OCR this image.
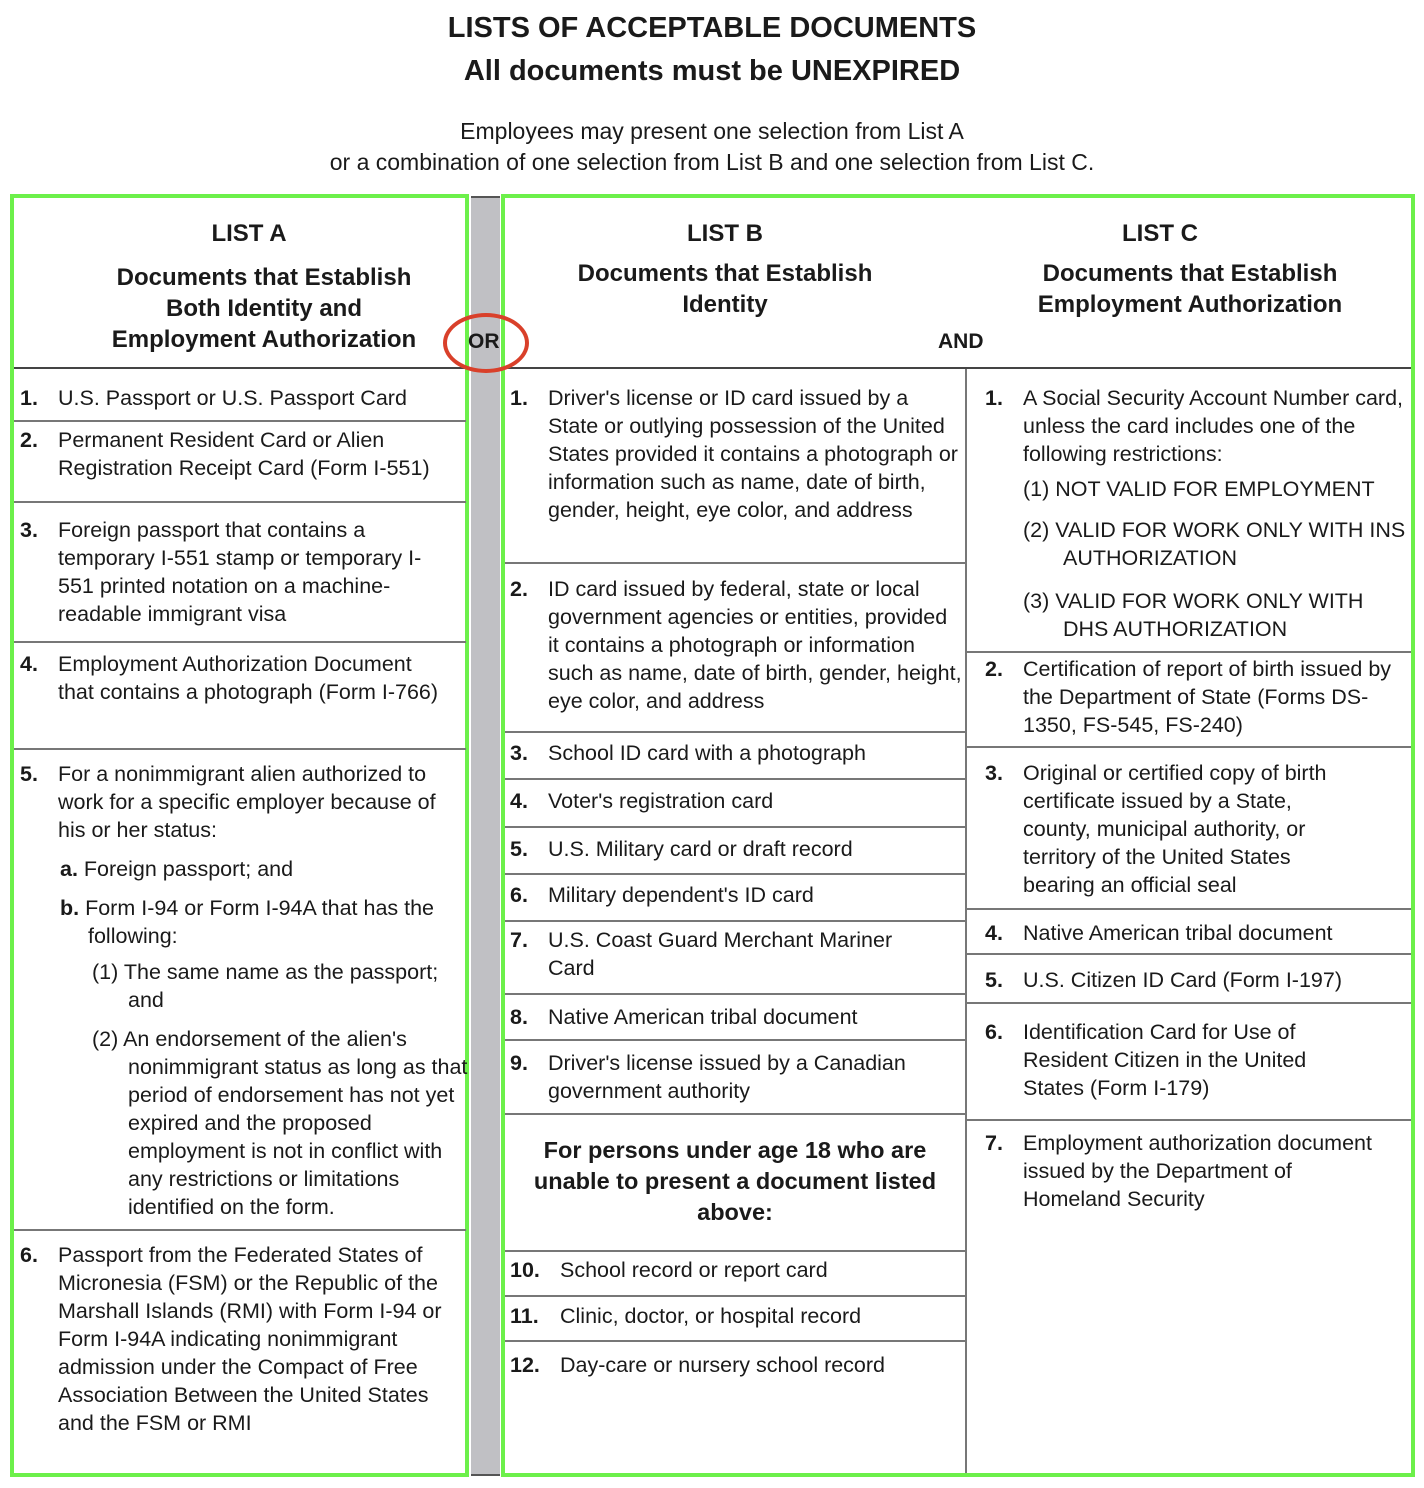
LISTS OF ACCEPTABLE DOCUMENTS
All documents must be UNEXPIRED
Employees may present one selection from List A
or a combination of one selection from List B and one selection from List C.
LIST A
Documents that Establish
Both Identity and
Employment Authorization
1. U.S. Passport or U.S. Passport Card
2. Permanent Resident Card or Alien Registration Receipt Card (Form I-551)
3. Foreign passport that contains a temporary I-551 stamp or temporary I-551 printed notation on a machine-readable immigrant visa
4. Employment Authorization Document that contains a photograph (Form I-766)
5. For a nonimmigrant alien authorized to work for a specific employer because of his or her status:
a. Foreign passport; and
b. Form I-94 or Form I-94A that has the following:
(1) The same name as the passport; and
(2) An endorsement of the alien's nonimmigrant status as long as that period of endorsement has not yet expired and the proposed employment is not in conflict with any restrictions or limitations identified on the form.
6. Passport from the Federated States of Micronesia (FSM) or the Republic of the Marshall Islands (RMI) with Form I-94 or Form I-94A indicating nonimmigrant admission under the Compact of Free Association Between the United States and the FSM or RMI
LIST B
Documents that Establish
Identity
LIST C
Documents that Establish
Employment Authorization
AND
1. Driver's license or ID card issued by a State or outlying possession of the United States provided it contains a photograph or information such as name, date of birth, gender, height, eye color, and address
2. ID card issued by federal, state or local government agencies or entities, provided it contains a photograph or information such as name, date of birth, gender, height, eye color, and address
3. School ID card with a photograph
4. Voter's registration card
5. U.S. Military card or draft record
6. Military dependent's ID card
7. U.S. Coast Guard Merchant Mariner Card
8. Native American tribal document
9. Driver's license issued by a Canadian government authority
For persons under age 18 who are unable to present a document listed above:
10. School record or report card
11. Clinic, doctor, or hospital record
12. Day-care or nursery school record
1. A Social Security Account Number card, unless the card includes one of the following restrictions:
(1) NOT VALID FOR EMPLOYMENT
(2) VALID FOR WORK ONLY WITH INS AUTHORIZATION
(3) VALID FOR WORK ONLY WITH DHS AUTHORIZATION
2. Certification of report of birth issued by the Department of State (Forms DS-1350, FS-545, FS-240)
3. Original or certified copy of birth certificate issued by a State, county, municipal authority, or territory of the United States bearing an official seal
4. Native American tribal document
5. U.S. Citizen ID Card (Form I-197)
6. Identification Card for Use of Resident Citizen in the United States (Form I-179)
7. Employment authorization document issued by the Department of Homeland Security
OR
